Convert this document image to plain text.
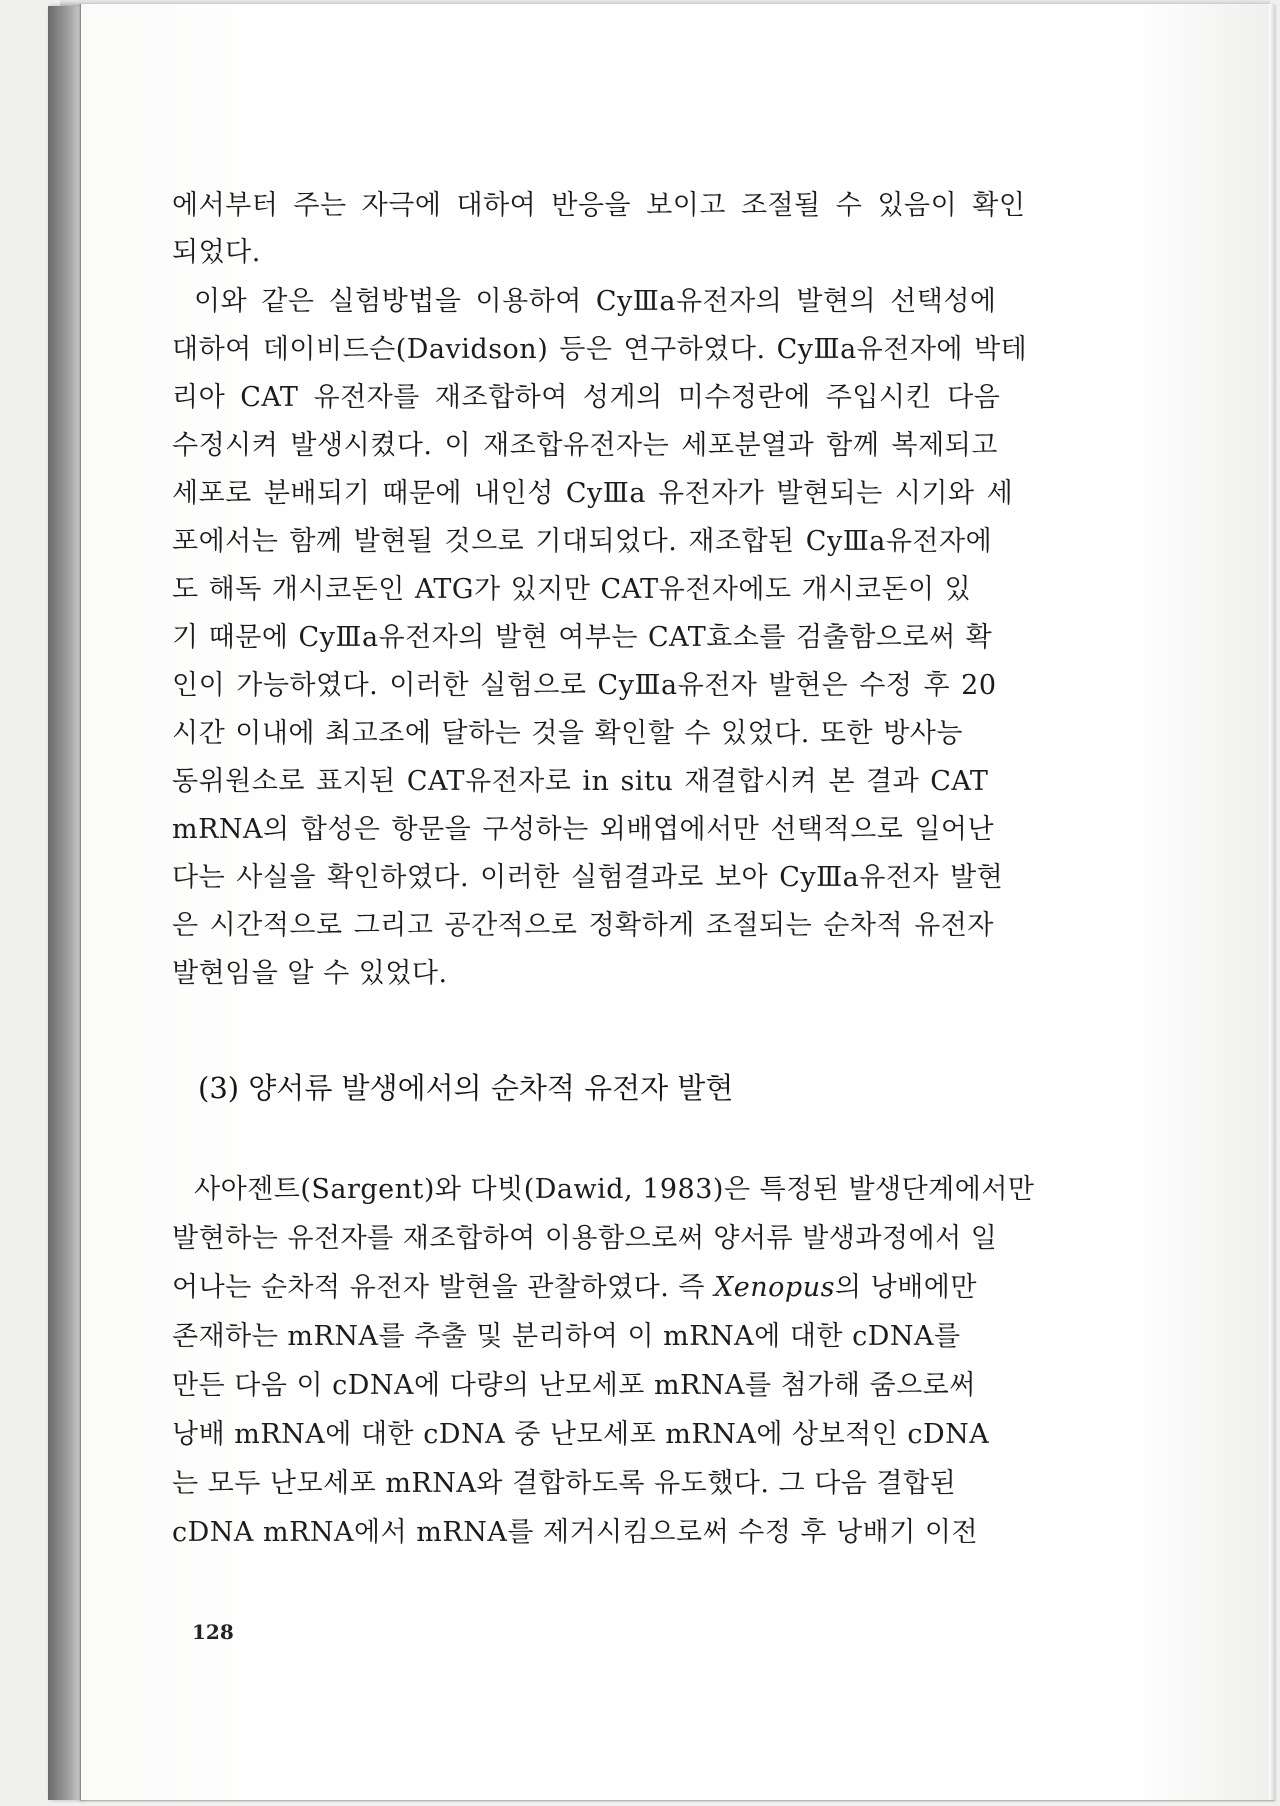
에서부터 주는 자극에 대하여 반응을 보이고 조절될 수 있음이 확인
되었다.
이와 같은 실험방법을 이용하여 CyⅢa유전자의 발현의 선택성에
대하여 데이비드슨(Davidson) 등은 연구하였다. CyⅢa유전자에 박테
리아 CAT 유전자를 재조합하여 성게의 미수정란에 주입시킨 다음
수정시켜 발생시켰다. 이 재조합유전자는 세포분열과 함께 복제되고
세포로 분배되기 때문에 내인성 CyⅢa 유전자가 발현되는 시기와 세
포에서는 함께 발현될 것으로 기대되었다. 재조합된 CyⅢa유전자에
도 해독 개시코돈인 ATG가 있지만 CAT유전자에도 개시코돈이 있
기 때문에 CyⅢa유전자의 발현 여부는 CAT효소를 검출함으로써 확
인이 가능하였다. 이러한 실험으로 CyⅢa유전자 발현은 수정 후 20
시간 이내에 최고조에 달하는 것을 확인할 수 있었다. 또한 방사능
동위원소로 표지된 CAT유전자로 in situ 재결합시켜 본 결과 CAT
mRNA의 합성은 항문을 구성하는 외배엽에서만 선택적으로 일어난
다는 사실을 확인하였다. 이러한 실험결과로 보아 CyⅢa유전자 발현
은 시간적으로 그리고 공간적으로 정확하게 조절되는 순차적 유전자
발현임을 알 수 있었다.
(3) 양서류 발생에서의 순차적 유전자 발현
사아젠트(Sargent)와 다빗(Dawid, 1983)은 특정된 발생단계에서만
발현하는 유전자를 재조합하여 이용함으로써 양서류 발생과정에서 일
어나는 순차적 유전자 발현을 관찰하였다. 즉 Xenopus의 낭배에만
존재하는 mRNA를 추출 및 분리하여 이 mRNA에 대한 cDNA를
만든 다음 이 cDNA에 다량의 난모세포 mRNA를 첨가해 줌으로써
낭배 mRNA에 대한 cDNA 중 난모세포 mRNA에 상보적인 cDNA
는 모두 난모세포 mRNA와 결합하도록 유도했다. 그 다음 결합된
cDNA mRNA에서 mRNA를 제거시킴으로써 수정 후 낭배기 이전
128
